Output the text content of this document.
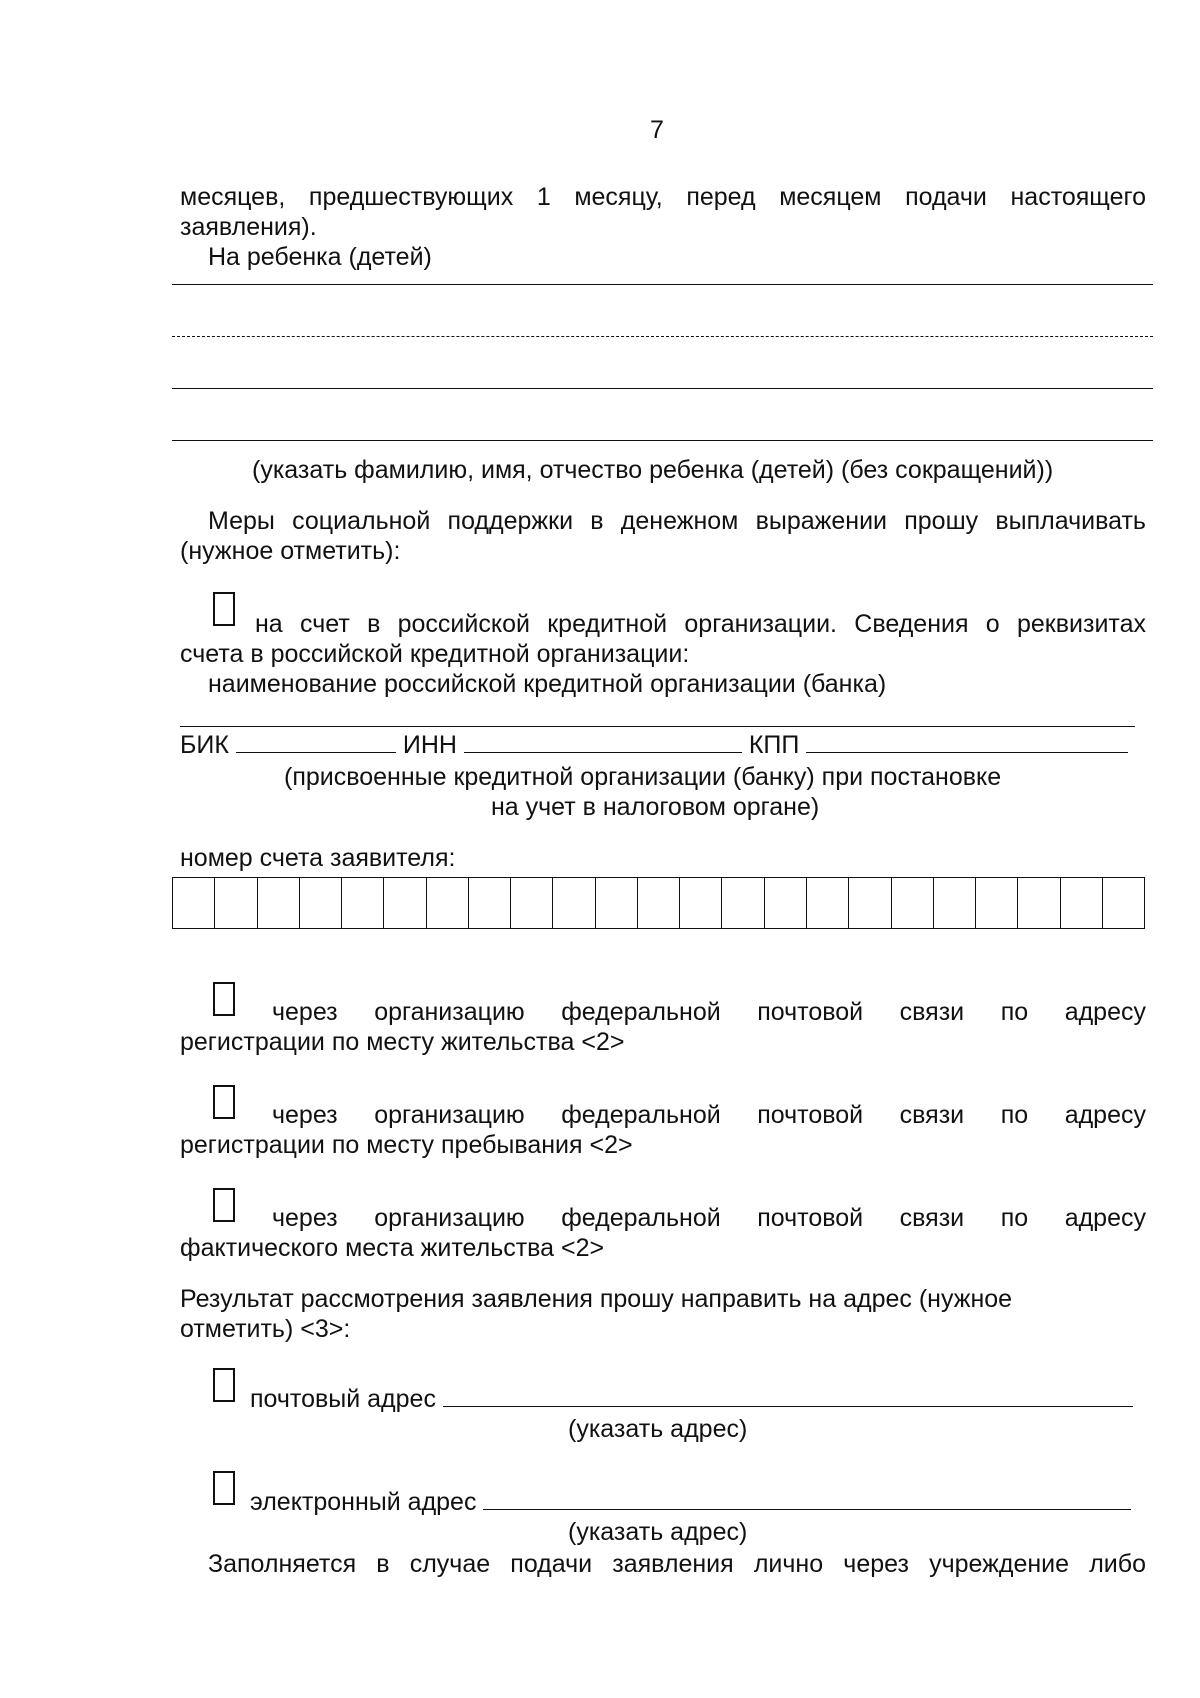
7
месяцев, предшествующих 1 месяцу, перед месяцем подачи настоящего
заявления).
На ребенка (детей)
(указать фамилию, имя, отчество ребенка (детей) (без сокращений))
Меры социальной поддержки в денежном выражении прошу выплачивать
(нужное отметить):
на счет в российской кредитной организации. Сведения о реквизитах
счета в российской кредитной организации:
наименование российской кредитной организации (банка)
БИК	ИНН	КПП
(присвоенные кредитной организации (банку) при постановке
на учет в налоговом органе)
номер счета заявителя:
через организацию федеральной почтовой связи по адресу
регистрации по месту жительства <2>
через организацию федеральной почтовой связи по адресу
регистрации по месту пребывания <2>
через организацию федеральной почтовой связи по адресу
фактического места жительства <2>
Результат рассмотрения заявления прошу направить на адрес (нужное
отметить) <3>:
почтовый адрес
(указать адрес)
электронный адрес
(указать адрес)
Заполняется в случае подачи заявления лично через учреждение либо
